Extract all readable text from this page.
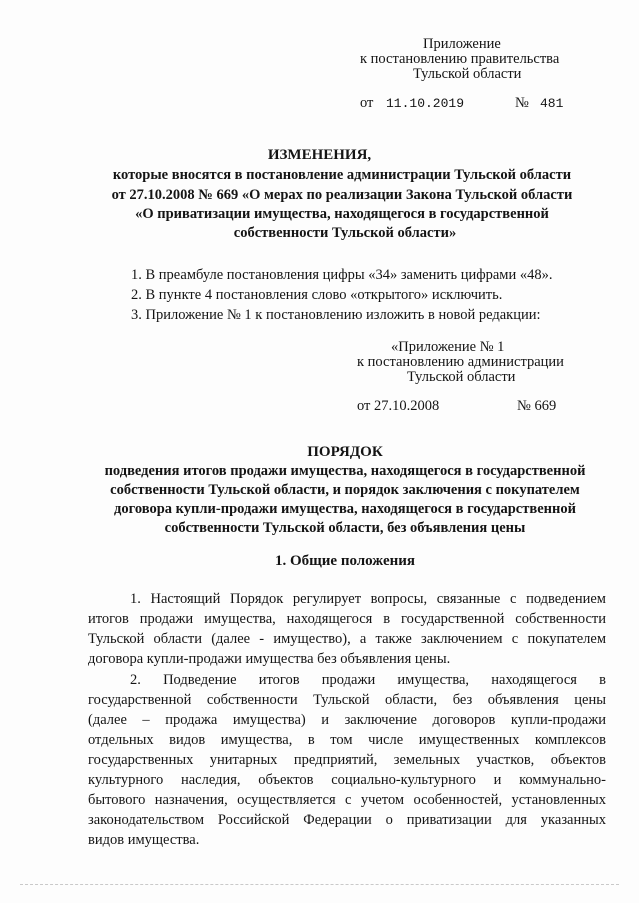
Приложение
к постановлению правительства
Тульской области
от 11.10.2019	№ 481
ИЗМЕНЕНИЯ,
которые вносятся в постановление администрации Тульской области
от 27.10.2008 № 669 «О мерах по реализации Закона Тульской области
«О приватизации имущества, находящегося в государственной
собственности Тульской области»
1. В преамбуле постановления цифры «34» заменить цифрами «48».
2. В пункте 4 постановления слово «открытого» исключить.
3. Приложение № 1 к постановлению изложить в новой редакции:
«Приложение № 1
к постановлению администрации
Тульской области
от 27.10.2008	№ 669
ПОРЯДОК
подведения итогов продажи имущества, находящегося в государственной
собственности Тульской области, и порядок заключения с покупателем
договора купли-продажи имущества, находящегося в государственной
собственности Тульской области, без объявления цены
1. Общие положения
1. Настоящий Порядок регулирует вопросы, связанные с подведением
итогов продажи имущества, находящегося в государственной собственности
Тульской области (далее - имущество), а также заключением с покупателем
договора купли-продажи имущества без объявления цены.
2. Подведение итогов продажи имущества, находящегося в
государственной собственности Тульской области, без объявления цены
(далее – продажа имущества) и заключение договоров купли-продажи
отдельных видов имущества, в том числе имущественных комплексов
государственных унитарных предприятий, земельных участков, объектов
культурного наследия, объектов социально-культурного и коммунально-
бытового назначения, осуществляется с учетом особенностей, установленных
законодательством Российской Федерации о приватизации для указанных
видов имущества.
